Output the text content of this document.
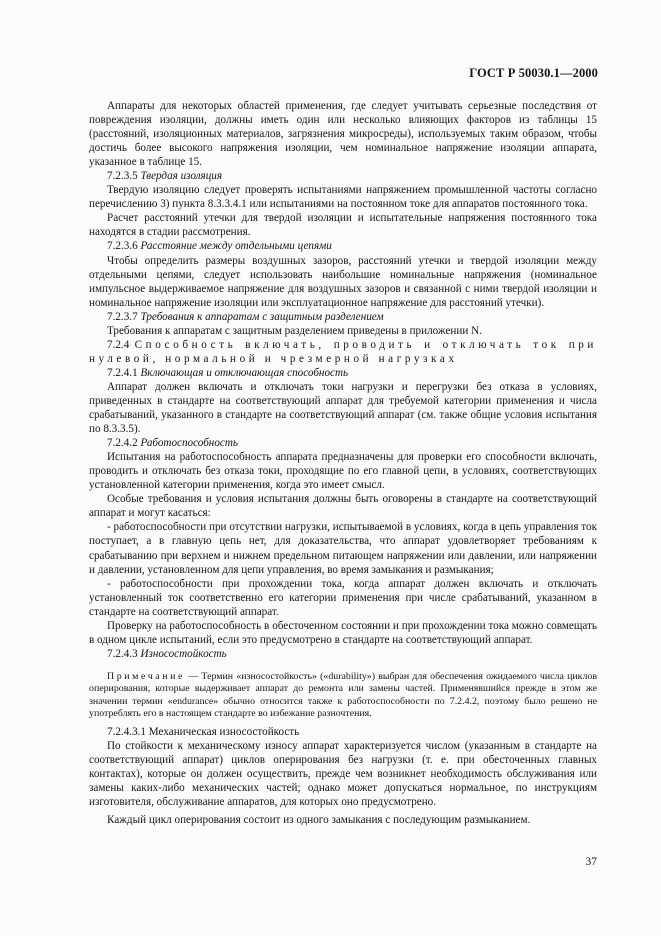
ГОСТ Р 50030.1—2000

Аппараты для некоторых областей применения, где следует учитывать серьезные последствия от повреждения изоляции, должны иметь один или несколько влияющих факторов из таблицы 15 (расстояний, изоляционных материалов, загрязнения микросреды), используемых таким образом, чтобы достичь более высокого напряжения изоляции, чем номинальное напряжение изоляции аппарата, указанное в таблице 15.

7.2.3.5 Твердая изоляция

Твердую изоляцию следует проверять испытаниями напряжением промышленной частоты согласно перечислению 3) пункта 8.3.3.4.1 или испытаниями на постоянном токе для аппаратов постоянного тока.

Расчет расстояний утечки для твердой изоляции и испытательные напряжения постоянного тока находятся в стадии рассмотрения.

7.2.3.6 Расстояние между отдельными цепями

Чтобы определить размеры воздушных зазоров, расстояний утечки и твердой изоляции между отдельными цепями, следует использовать наибольшие номинальные напряжения (номинальное импульсное выдерживаемое напряжение для воздушных зазоров и связанной с ними твердой изоляции и номинальное напряжение изоляции или эксплуатационное напряжение для расстояний утечки).

7.2.3.7 Требования к аппаратам с защитным разделением

Требования к аппаратам с защитным разделением приведены в приложении N.

7.2.4 Способность включать, проводить и отключать ток при нулевой, нормальной и чрезмерной нагрузках

7.2.4.1 Включающая и отключающая способность

Аппарат должен включать и отключать токи нагрузки и перегрузки без отказа в условиях, приведенных в стандарте на соответствующий аппарат для требуемой категории применения и числа срабатываний, указанного в стандарте на соответствующий аппарат (см. также общие условия испытания по 8.3.3.5).

7.2.4.2 Работоспособность

Испытания на работоспособность аппарата предназначены для проверки его способности включать, проводить и отключать без отказа токи, проходящие по его главной цепи, в условиях, соответствующих установленной категории применения, когда это имеет смысл.

Особые требования и условия испытания должны быть оговорены в стандарте на соответствующий аппарат и могут касаться:

- работоспособности при отсутствии нагрузки, испытываемой в условиях, когда в цепь управления ток поступает, а в главную цепь нет, для доказательства, что аппарат удовлетворяет требованиям к срабатыванию при верхнем и нижнем предельном питающем напряжении или давлении, или напряжении и давлении, установленном для цепи управления, во время замыкания и размыкания;

- работоспособности при прохождении тока, когда аппарат должен включать и отключать установленный ток соответственно его категории применения при числе срабатываний, указанном в стандарте на соответствующий аппарат.

Проверку на работоспособность в обесточенном состоянии и при прохождении тока можно совмещать в одном цикле испытаний, если это предусмотрено в стандарте на соответствующий аппарат.

7.2.4.3 Износостойкость

Примечание — Термин «износостойкость» («durability») выбран для обеспечения ожидаемого числа циклов оперирования, которые выдерживает аппарат до ремонта или замены частей. Применявшийся прежде в этом же значении термин «endurance» обычно относится также к работоспособности по 7.2.4.2, поэтому было решено не употреблять его в настоящем стандарте во избежание разночтения.

7.2.4.3.1 Механическая износостойкость

По стойкости к механическому износу аппарат характеризуется числом (указанным в стандарте на соответствующий аппарат) циклов оперирования без нагрузки (т. е. при обесточенных главных контактах), которые он должен осуществить, прежде чем возникнет необходимость обслуживания или замены каких-либо механических частей; однако может допускаться нормальное, по инструкциям изготовителя, обслуживание аппаратов, для которых оно предусмотрено.

Каждый цикл оперирования состоит из одного замыкания с последующим размыканием.

37
